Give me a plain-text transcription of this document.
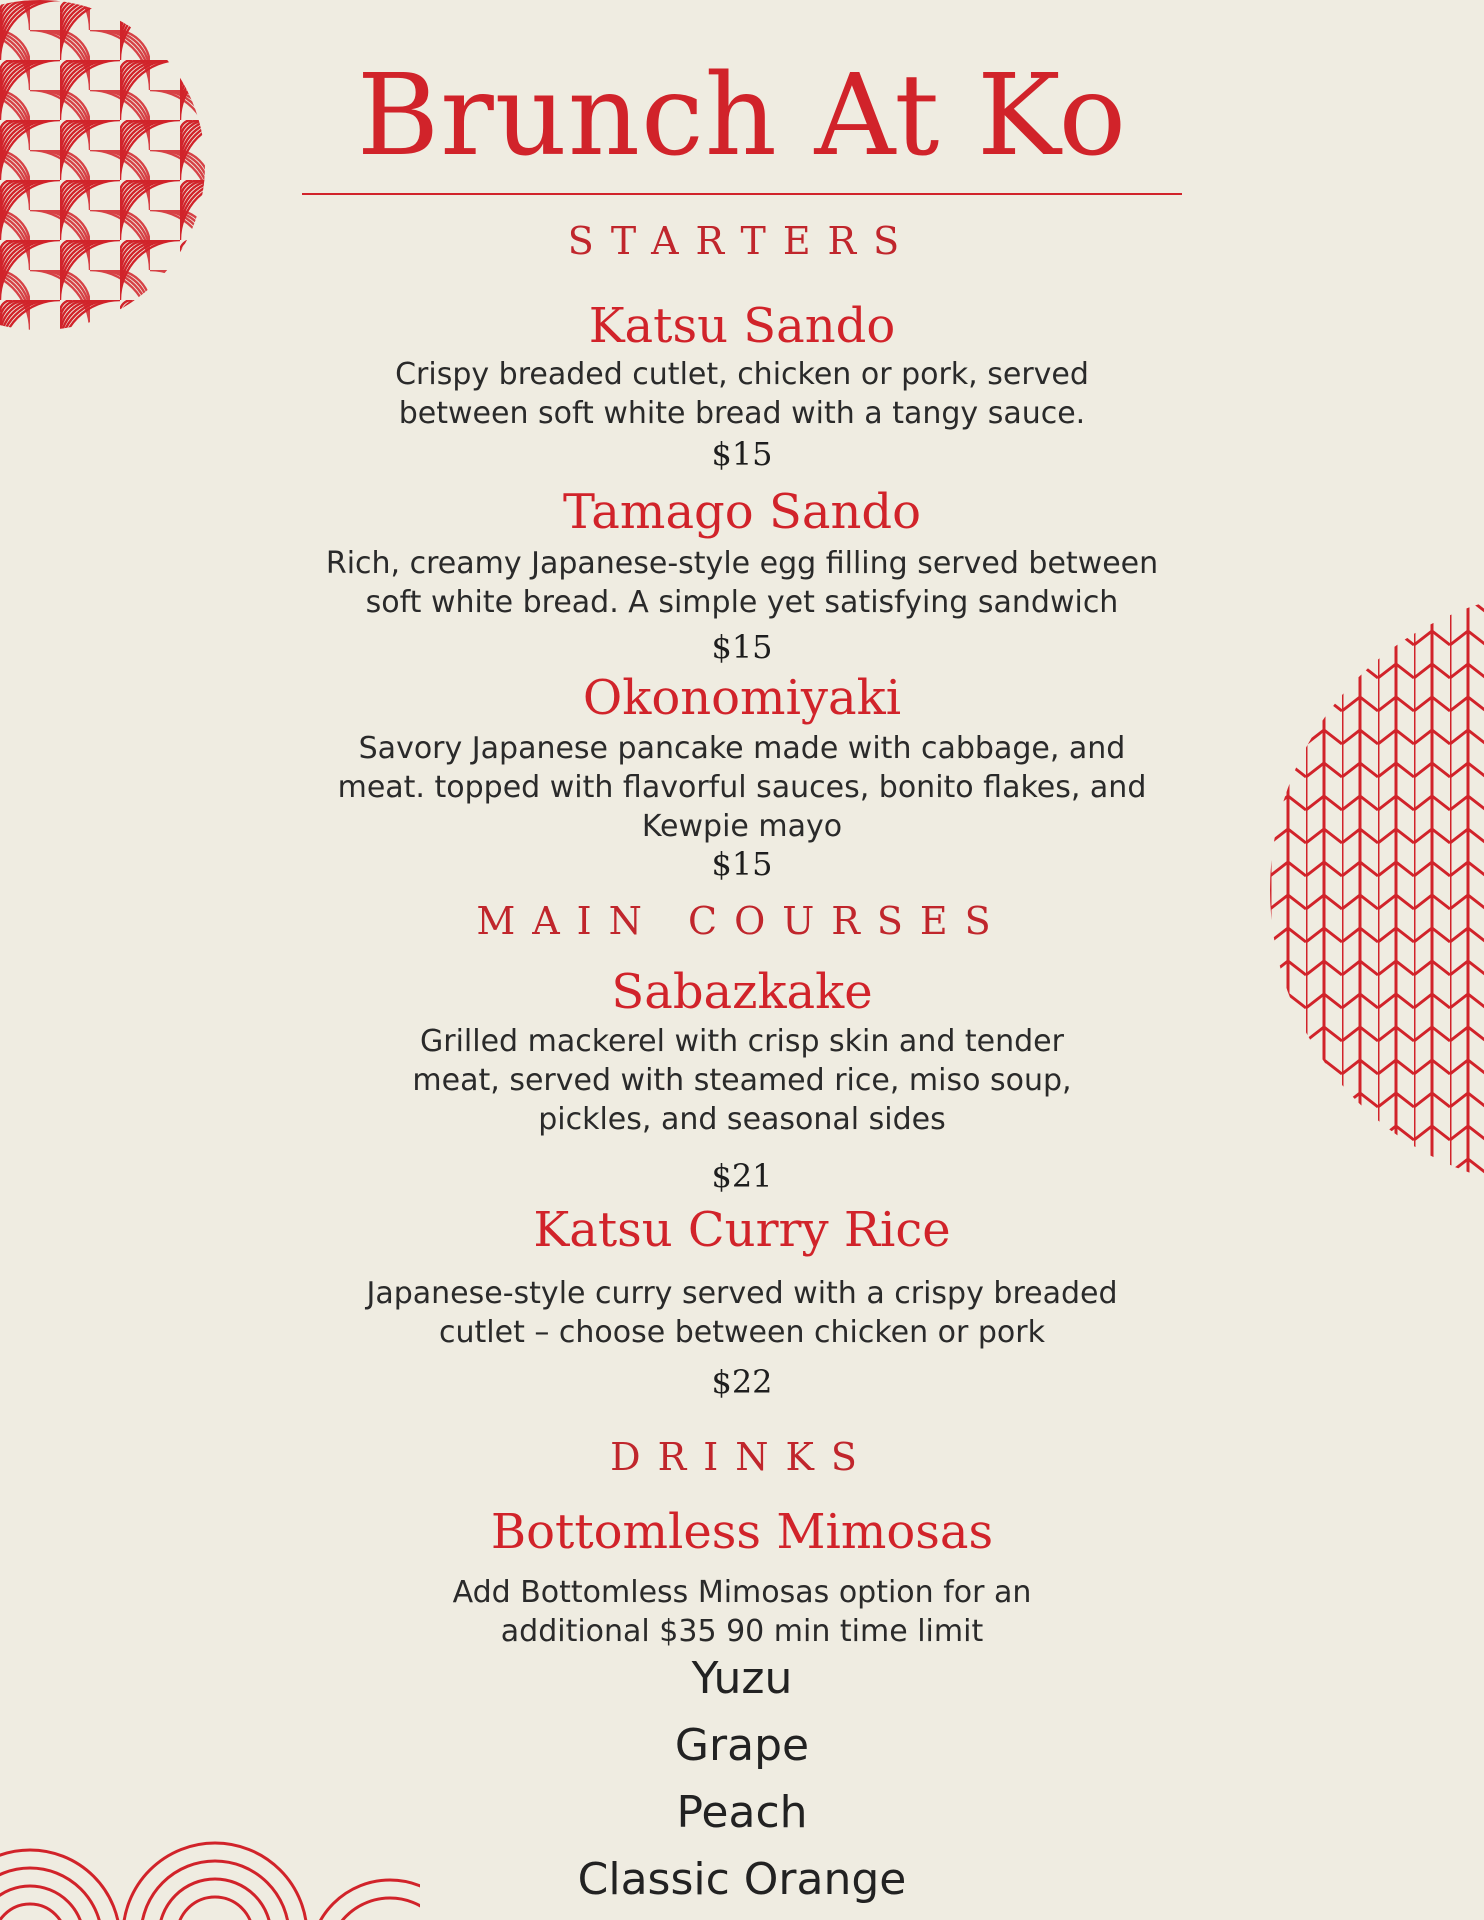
Brunch At Ko
STARTERS
Katsu Sando
Crispy breaded cutlet, chicken or pork, served between soft white bread with a tangy sauce.
$15
Tamago Sando
Rich, creamy Japanese-style egg filling served between soft white bread. A simple yet satisfying sandwich
$15
Okonomiyaki
Savory Japanese pancake made with cabbage, and meat. topped with flavorful sauces, bonito flakes, and Kewpie mayo
$15
MAIN COURSES
Sabazkake
Grilled mackerel with crisp skin and tender meat, served with steamed rice, miso soup, pickles, and seasonal sides
$21
Katsu Curry Rice
Japanese-style curry served with a crispy breaded cutlet – choose between chicken or pork
$22
DRINKS
Bottomless Mimosas
Add Bottomless Mimosas option for an additional $35 90 min time limit
Yuzu
Grape
Peach
Classic Orange
